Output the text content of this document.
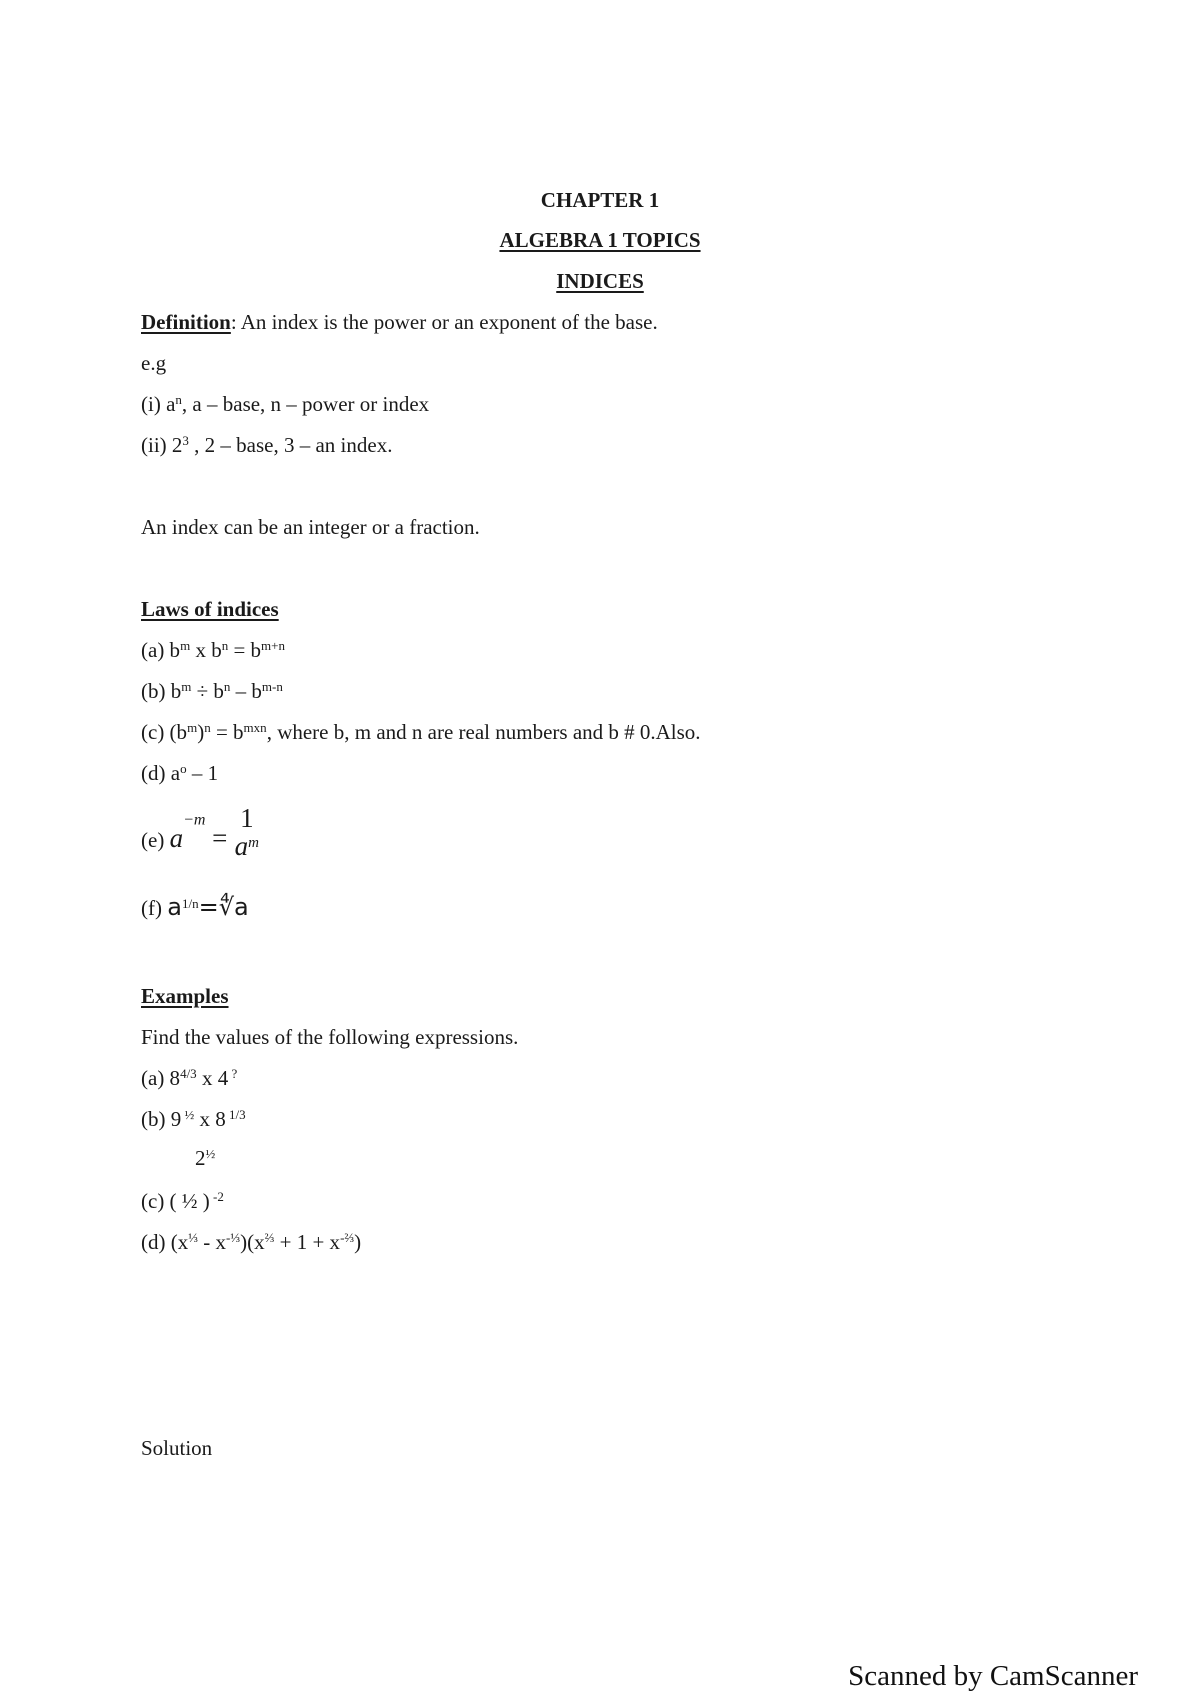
CHAPTER 1
ALGEBRA 1 TOPICS
INDICES
Definition: An index is the power or an exponent of the base.
e.g
(i) $a^n$, a – base, n – power or index
(ii) $2^3$ , 2 – base, 3 – an index.
An index can be an integer or a fraction.
Laws of indices
(a) $b^m$ x $b^n = b^{m+n}$
(b) $b^m \div b^n - b^{m-n}$
(c) $(b^m)^n = b^{mxn}$, where b, m and n are real numbers and b # 0.Also.
(d) $a^o - 1$
(e) $a^{-m}$ =
1
$a^m$
(f) $a^{1/n}=∜a$
Examples
Find the values of the following expressions.
(a) $8^{4/3}$ x 4 ?
(b) 9 $^{\frac{1}{2}}$ x 8 $^{1/3}$
$2^{\frac{1}{2}}$
(c) ( ½ ) $^{-2}$
(d) $(x^{\frac{1}{3}} - x^{-\frac{1}{3}})(x^{\frac{2}{3}} + 1 + x^{-\frac{2}{3}})$
Solution
Scanned by CamScanner
